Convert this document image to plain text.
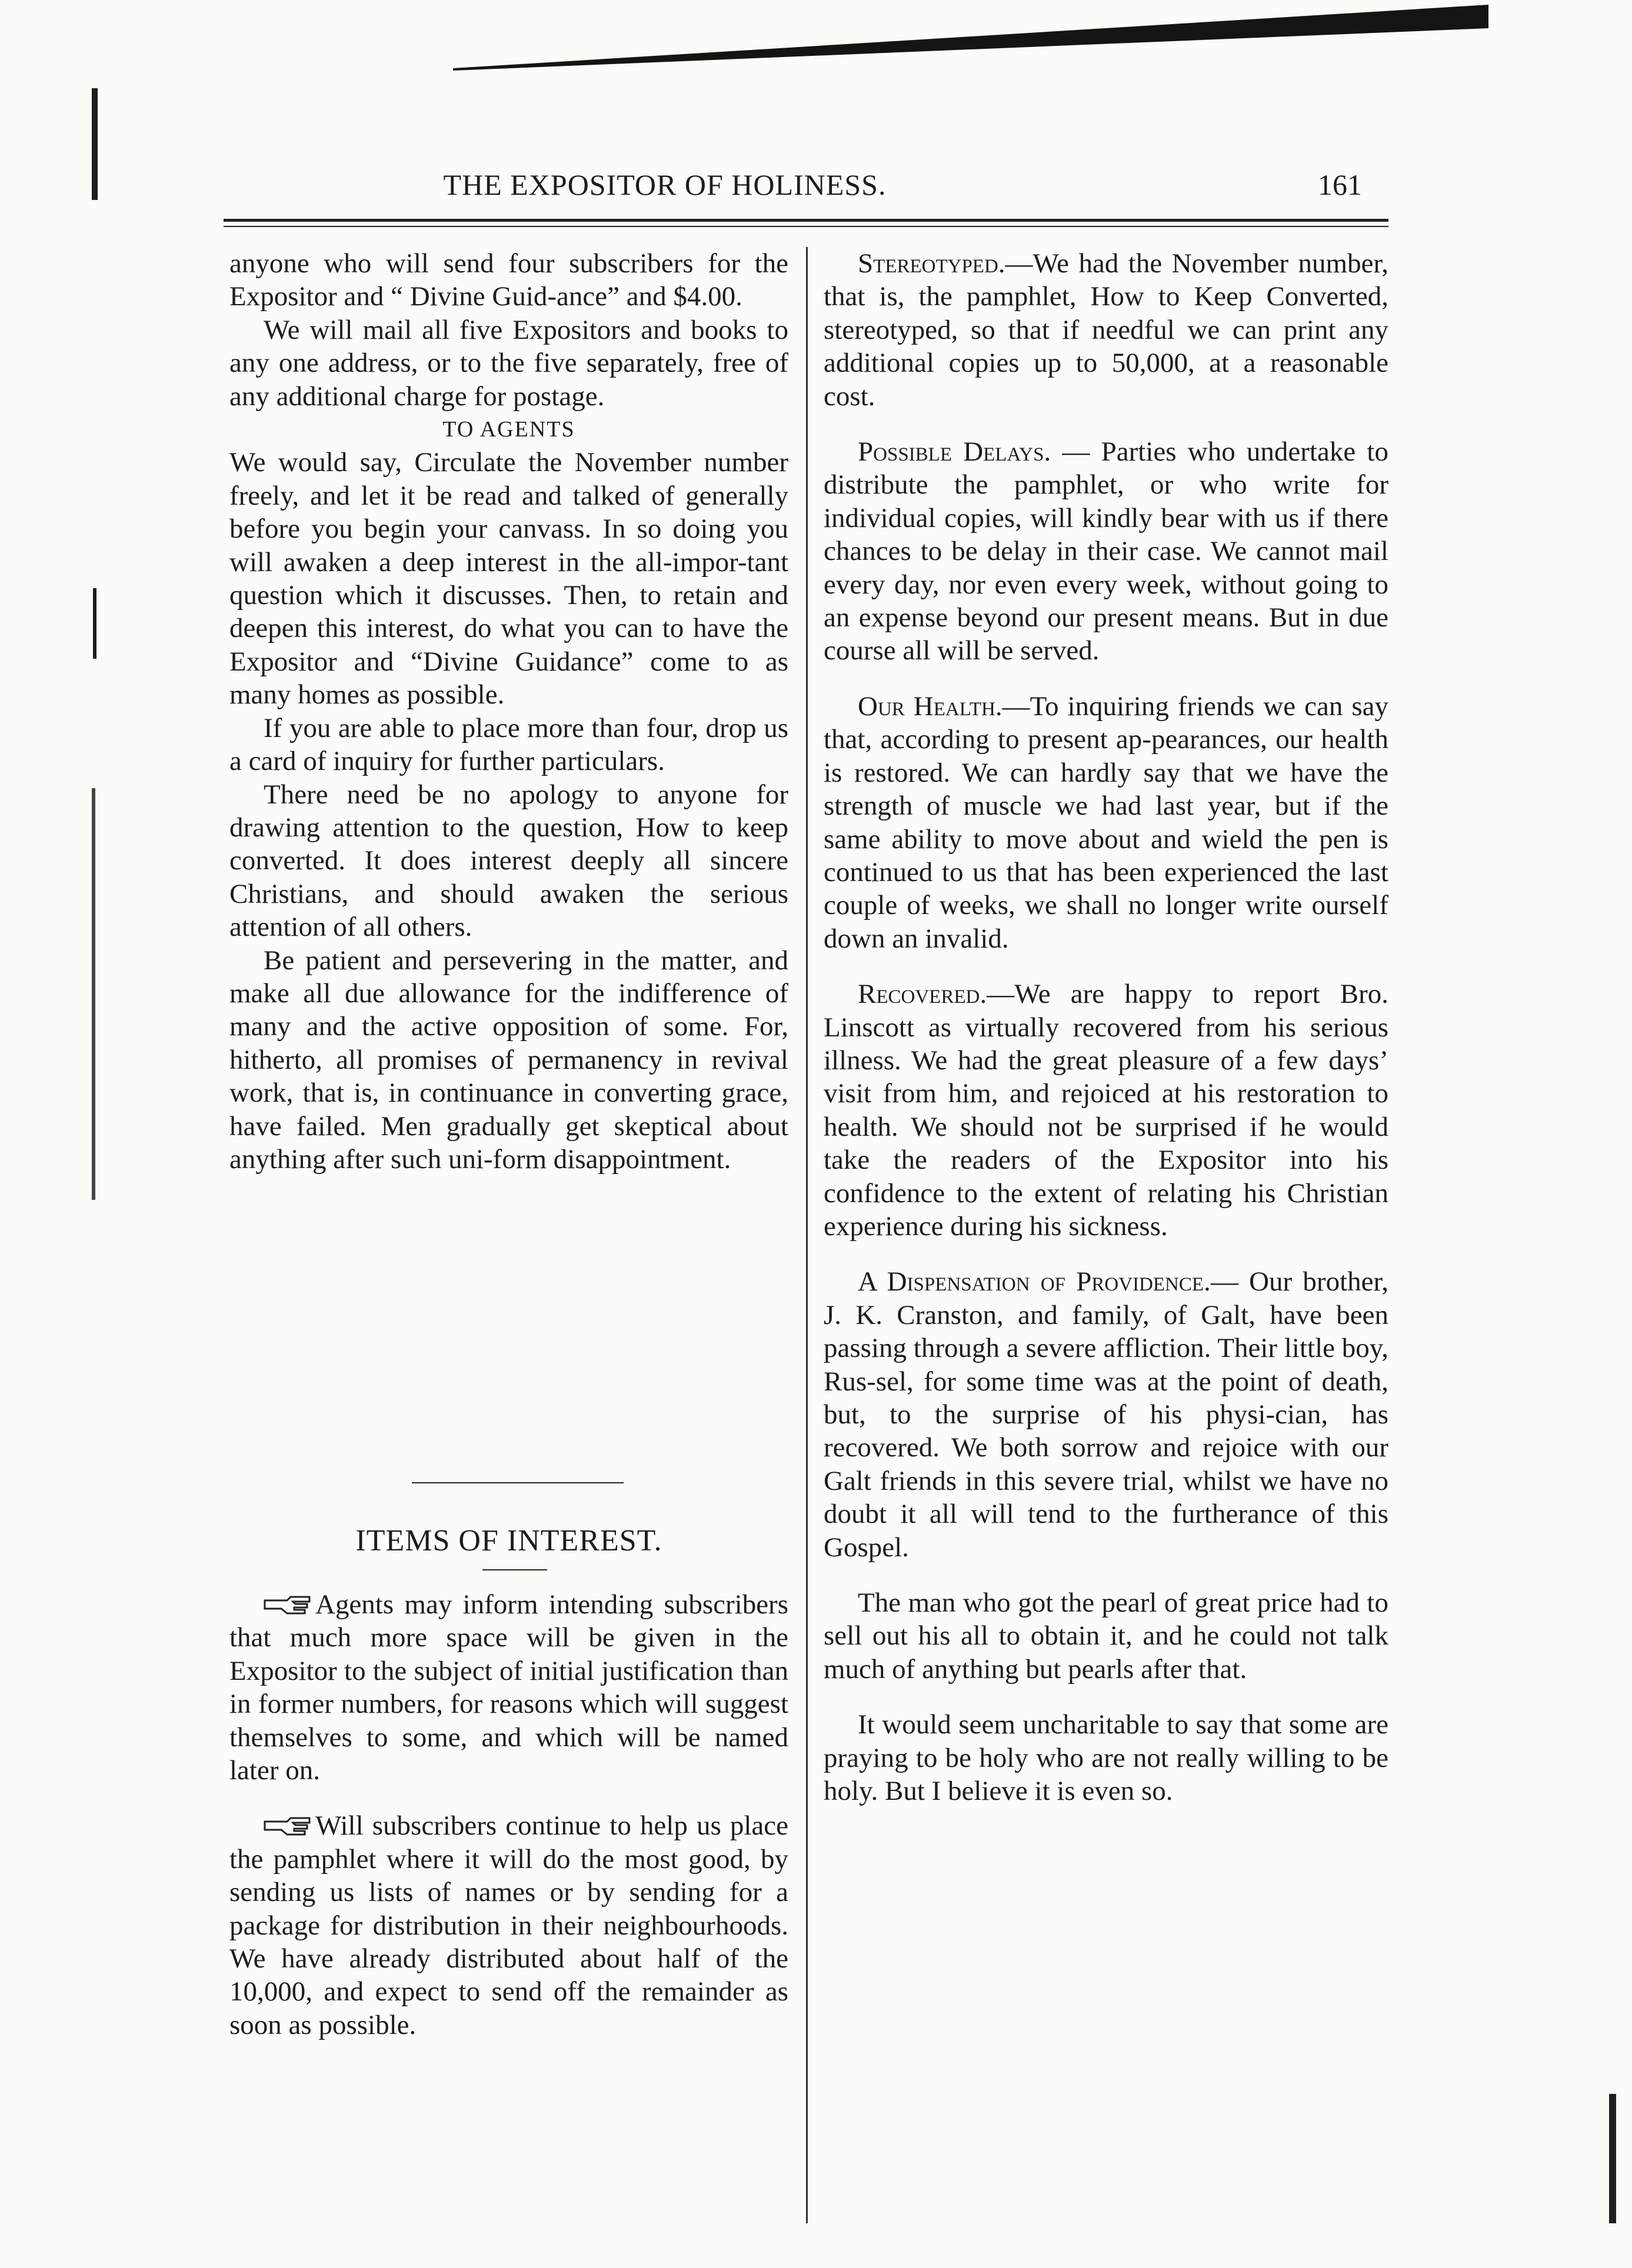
THE EXPOSITOR OF HOLINESS.	161

anyone who will send four subscribers for the Expositor and “ Divine Guid-ance” and $4.00.

We will mail all five Expositors and books to any one address, or to the five separately, free of any additional charge for postage.

TO AGENTS

We would say, Circulate the November number freely, and let it be read and talked of generally before you begin your canvass. In so doing you will awaken a deep interest in the all-impor-tant question which it discusses. Then, to retain and deepen this interest, do what you can to have the Expositor and “Divine Guidance” come to as many homes as possible.

If you are able to place more than four, drop us a card of inquiry for further particulars.

There need be no apology to anyone for drawing attention to the question, How to keep converted. It does interest deeply all sincere Christians, and should awaken the serious attention of all others.

Be patient and persevering in the matter, and make all due allowance for the indifference of many and the active opposition of some. For, hitherto, all promises of permanency in revival work, that is, in continuance in converting grace, have failed. Men gradually get skeptical about anything after such uni-form disappointment.

ITEMS OF INTEREST.

Agents may inform intending subscribers that much more space will be given in the Expositor to the subject of initial justification than in former numbers, for reasons which will suggest themselves to some, and which will be named later on.

Will subscribers continue to help us place the pamphlet where it will do the most good, by sending us lists of names or by sending for a package for distribution in their neighbourhoods. We have already distributed about half of the 10,000, and expect to send off the remainder as soon as possible.

Stereotyped.—We had the November number, that is, the pamphlet, How to Keep Converted, stereotyped, so that if needful we can print any additional copies up to 50,000, at a reasonable cost.

Possible Delays. — Parties who undertake to distribute the pamphlet, or who write for individual copies, will kindly bear with us if there chances to be delay in their case. We cannot mail every day, nor even every week, without going to an expense beyond our present means. But in due course all will be served.

Our Health.—To inquiring friends we can say that, according to present ap-pearances, our health is restored. We can hardly say that we have the strength of muscle we had last year, but if the same ability to move about and wield the pen is continued to us that has been experienced the last couple of weeks, we shall no longer write ourself down an invalid.

Recovered.—We are happy to report Bro. Linscott as virtually recovered from his serious illness. We had the great pleasure of a few days’ visit from him, and rejoiced at his restoration to health. We should not be surprised if he would take the readers of the Expositor into his confidence to the extent of relating his Christian experience during his sickness.

A Dispensation of Providence.— Our brother, J. K. Cranston, and family, of Galt, have been passing through a severe affliction. Their little boy, Rus-sel, for some time was at the point of death, but, to the surprise of his physi-cian, has recovered. We both sorrow and rejoice with our Galt friends in this severe trial, whilst we have no doubt it all will tend to the furtherance of this Gospel.

The man who got the pearl of great price had to sell out his all to obtain it, and he could not talk much of anything but pearls after that.

It would seem uncharitable to say that some are praying to be holy who are not really willing to be holy. But I believe it is even so.
